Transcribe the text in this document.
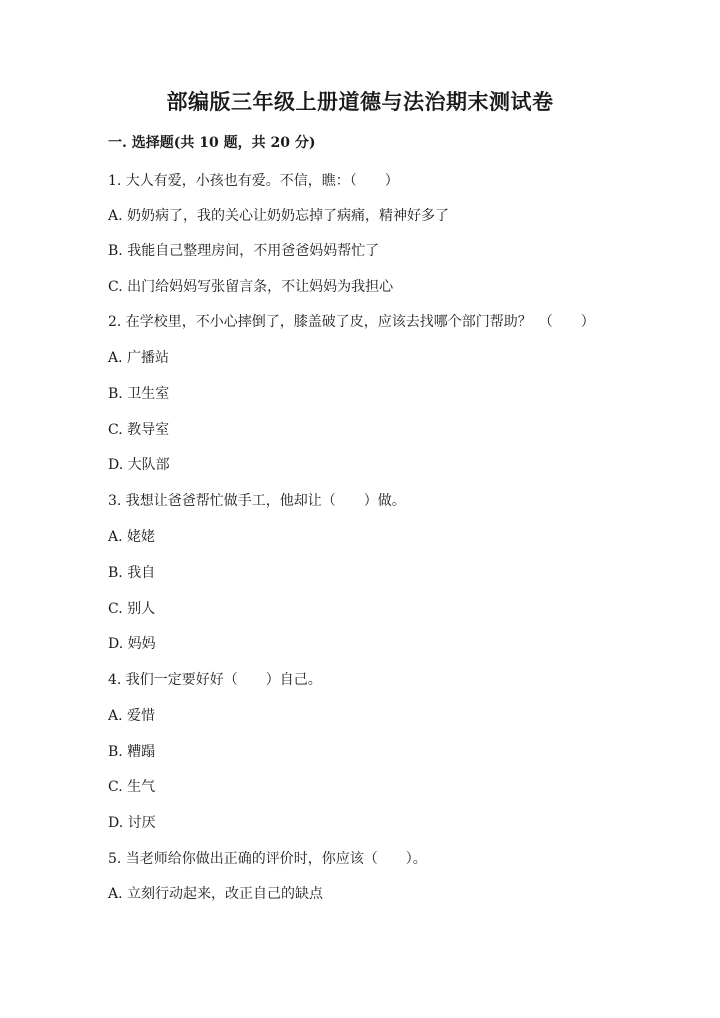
部编版三年级上册道德与法治期末测试卷
一. 选择题(共 10 题，共 20 分)
1. 大人有爱，小孩也有爱。不信，瞧：（　　）
A. 奶奶病了，我的关心让奶奶忘掉了病痛，精神好多了
B. 我能自己整理房间，不用爸爸妈妈帮忙了
C. 出门给妈妈写张留言条，不让妈妈为我担心
2. 在学校里，不小心摔倒了，膝盖破了皮，应该去找哪个部门帮助？　（　　）
A. 广播站
B. 卫生室
C. 教导室
D. 大队部
3. 我想让爸爸帮忙做手工，他却让（　　）做。
A. 姥姥
B. 我自
C. 别人
D. 妈妈
4. 我们一定要好好（　　）自己。
A. 爱惜
B. 糟蹋
C. 生气
D. 讨厌
5. 当老师给你做出正确的评价时，你应该（　　）。
A. 立刻行动起来，改正自己的缺点
